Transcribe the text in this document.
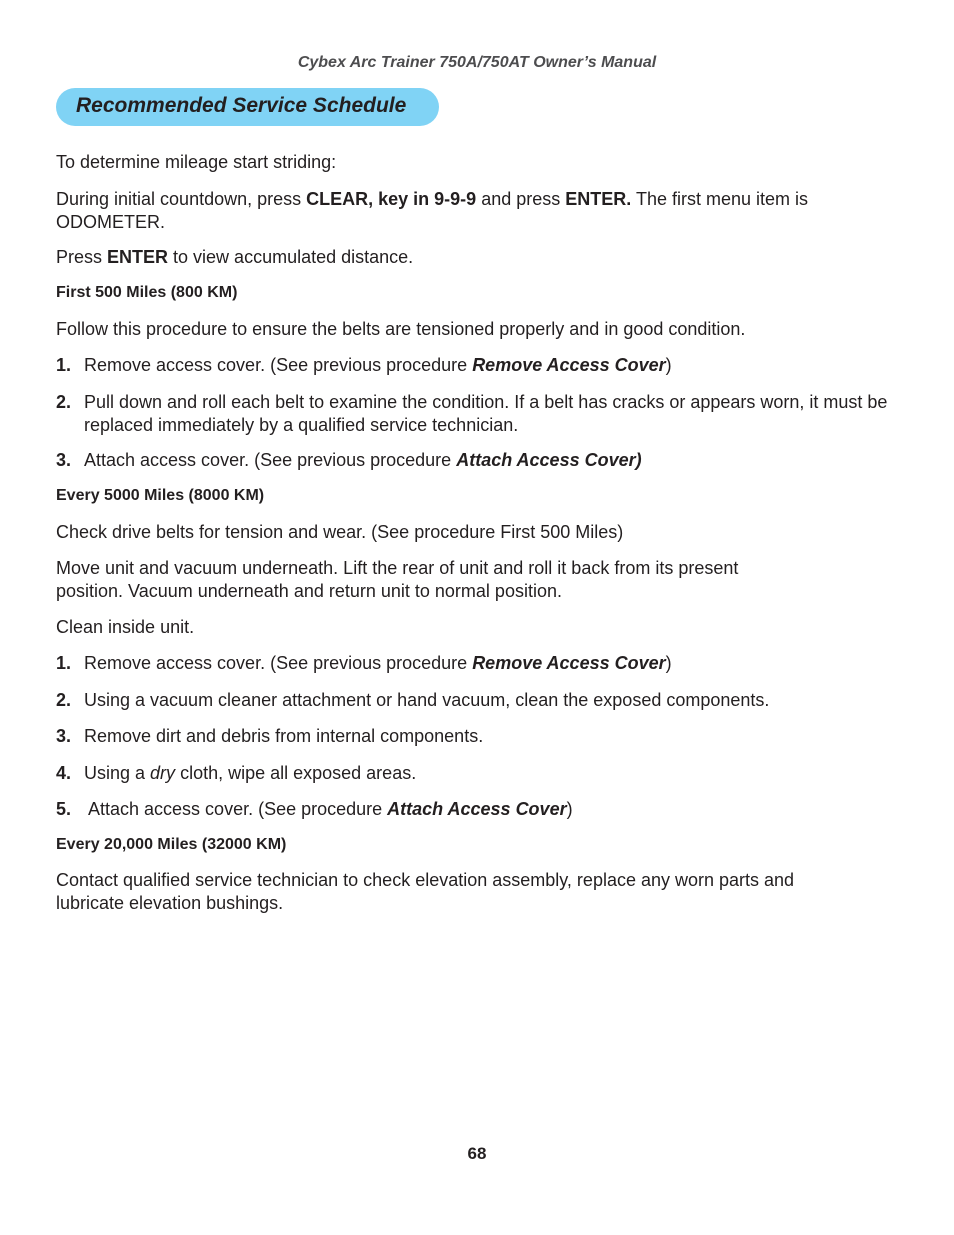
Cybex Arc Trainer 750A/750AT Owner’s Manual
Recommended Service Schedule
To determine mileage start striding:
During initial countdown, press CLEAR, key in 9-9-9 and press ENTER. The first menu item is ODOMETER.
Press ENTER to view accumulated distance.
First 500 Miles (800 KM)
Follow this procedure to ensure the belts are tensioned properly and in good condition.
1. Remove access cover. (See previous procedure Remove Access Cover)
2. Pull down and roll each belt to examine the condition. If a belt has cracks or appears worn, it must be replaced immediately by a qualified service technician.
3. Attach access cover. (See previous procedure Attach Access Cover)
Every 5000 Miles (8000 KM)
Check drive belts for tension and wear. (See procedure First 500 Miles)
Move unit and vacuum underneath. Lift the rear of unit and roll it back from its present
position. Vacuum underneath and return unit to normal position.
Clean inside unit.
1. Remove access cover. (See previous procedure Remove Access Cover)
2. Using a vacuum cleaner attachment or hand vacuum, clean the exposed components.
3. Remove dirt and debris from internal components.
4. Using a dry cloth, wipe all exposed areas.
5. Attach access cover. (See procedure Attach Access Cover)
Every 20,000 Miles (32000 KM)
Contact qualified service technician to check elevation assembly, replace any worn parts and
lubricate elevation bushings.
68
